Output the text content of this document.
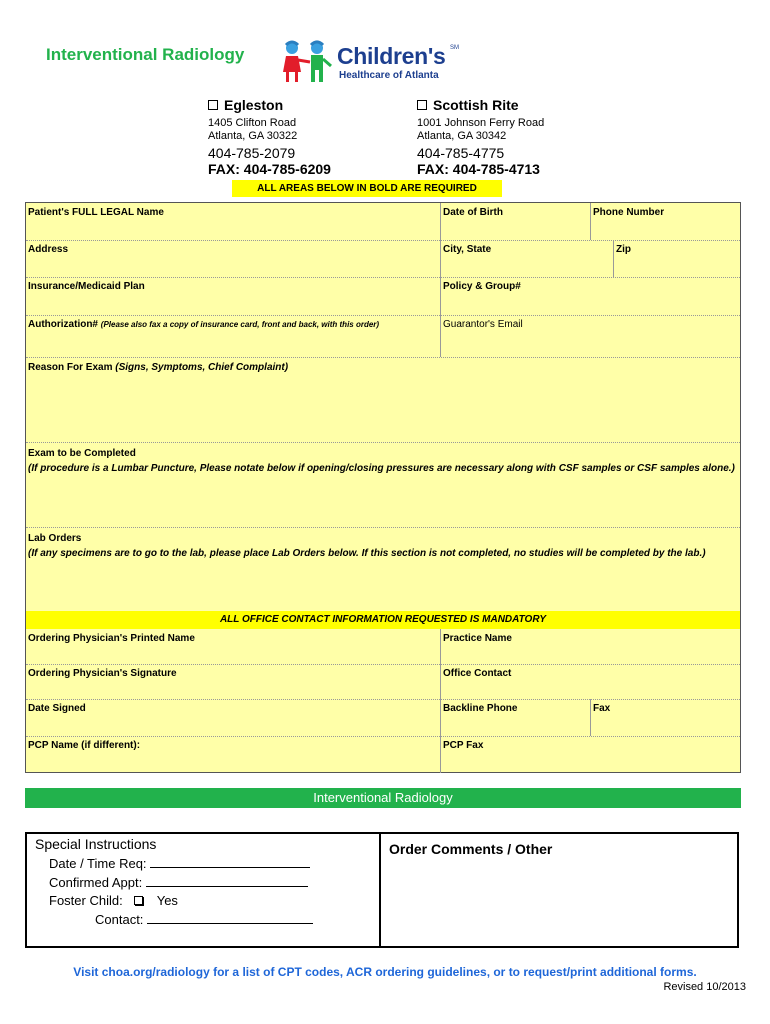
Interventional Radiology	Children's SM
Healthcare of Atlanta
Egleston
1405 Clifton Road
Atlanta, GA 30322
404-785-2079
FAX: 404-785-6209
Scottish Rite
1001 Johnson Ferry Road
Atlanta, GA 30342
404-785-4775
FAX: 404-785-4713
ALL AREAS BELOW IN BOLD ARE REQUIRED
Patient's FULL LEGAL Name	Date of Birth	Phone Number
Address	City, State	Zip
Insurance/Medicaid Plan	Policy & Group#
Authorization# (Please also fax a copy of insurance card, front and back, with this order)	Guarantor's Email
Reason For Exam (Signs, Symptoms, Chief Complaint)
Exam to be Completed
(If procedure is a Lumbar Puncture, Please notate below if opening/closing pressures are necessary along with CSF samples or CSF samples alone.)
Lab Orders
(If any specimens are to go to the lab, please place Lab Orders below. If this section is not completed, no studies will be completed by the lab.)
ALL OFFICE CONTACT INFORMATION REQUESTED IS MANDATORY
Ordering Physician's Printed Name	Practice Name
Ordering Physician's Signature	Office Contact
Date Signed	Backline Phone	Fax
PCP Name (if different):	PCP Fax
Interventional Radiology
Special Instructions
Date / Time Req:
Confirmed Appt:
Foster Child:	Yes
Contact:
Order Comments / Other
Visit choa.org/radiology for a list of CPT codes, ACR ordering guidelines, or to request/print additional forms.
Revised 10/2013
